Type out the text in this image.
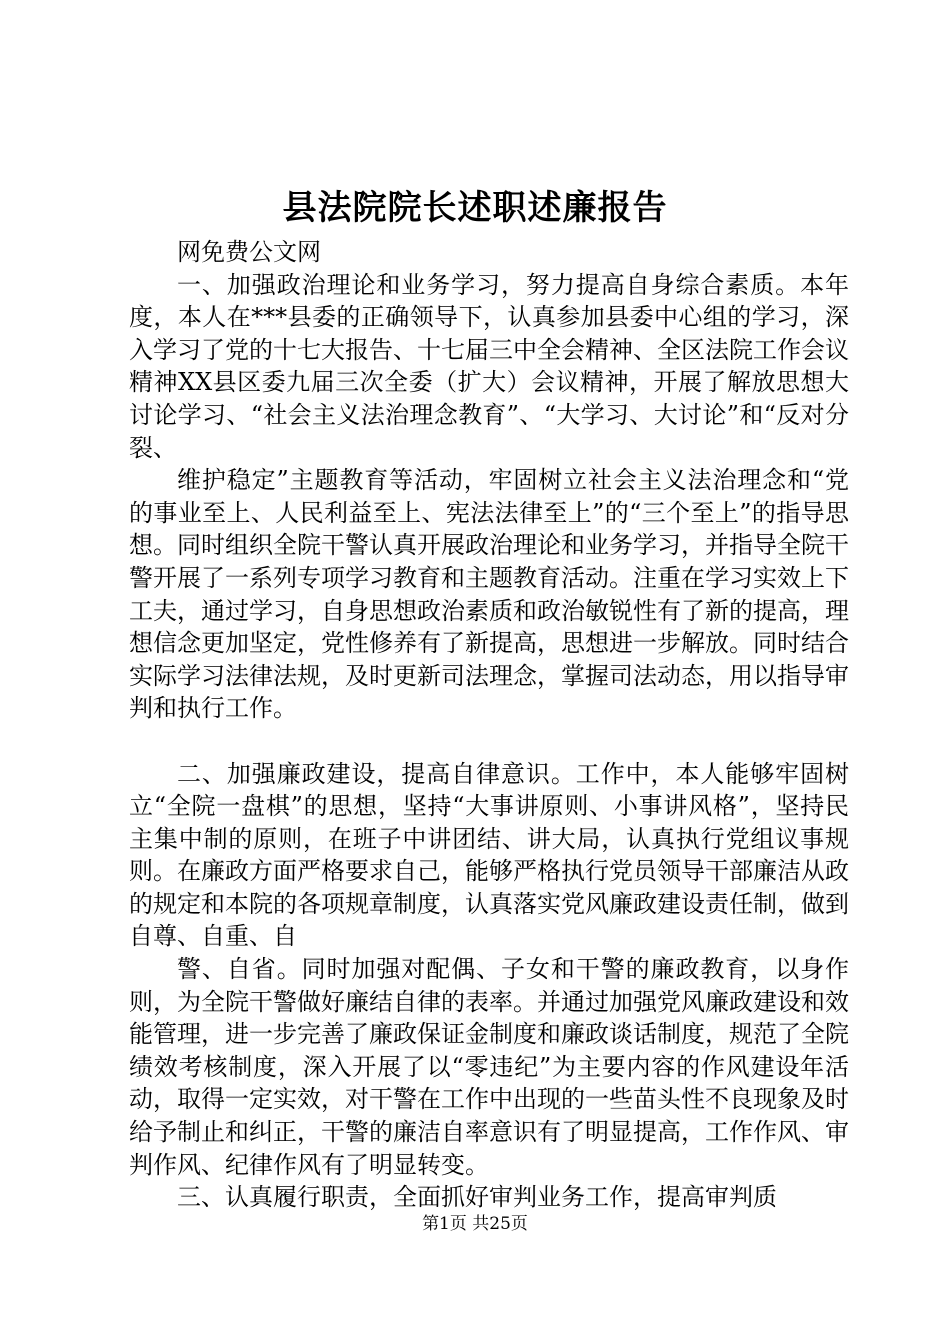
县法院院长述职述廉报告

网免费公文网

一、加强政治理论和业务学习，努力提高自身综合素质。本年度，本人在***县委的正确领导下，认真参加县委中心组的学习，深入学习了党的十七大报告、十七届三中全会精神、全区法院工作会议精神XX县区委九届三次全委（扩大）会议精神，开展了解放思想大讨论学习、“社会主义法治理念教育”、“大学习、大讨论”和“反对分裂、

维护稳定”主题教育等活动，牢固树立社会主义法治理念和“党的事业至上、人民利益至上、宪法法律至上”的“三个至上”的指导思想。同时组织全院干警认真开展政治理论和业务学习，并指导全院干警开展了一系列专项学习教育和主题教育活动。注重在学习实效上下工夫，通过学习，自身思想政治素质和政治敏锐性有了新的提高，理想信念更加坚定，党性修养有了新提高，思想进一步解放。同时结合实际学习法律法规，及时更新司法理念，掌握司法动态，用以指导审判和执行工作。

二、加强廉政建设，提高自律意识。工作中，本人能够牢固树立“全院一盘棋”的思想，坚持“大事讲原则、小事讲风格”，坚持民主集中制的原则，在班子中讲团结、讲大局，认真执行党组议事规则。在廉政方面严格要求自己，能够严格执行党员领导干部廉洁从政的规定和本院的各项规章制度，认真落实党风廉政建设责任制，做到自尊、自重、自

警、自省。同时加强对配偶、子女和干警的廉政教育，以身作则，为全院干警做好廉结自律的表率。并通过加强党风廉政建设和效能管理，进一步完善了廉政保证金制度和廉政谈话制度，规范了全院绩效考核制度，深入开展了以“零违纪”为主要内容的作风建设年活动，取得一定实效，对干警在工作中出现的一些苗头性不良现象及时给予制止和纠正，干警的廉洁自率意识有了明显提高，工作作风、审判作风、纪律作风有了明显转变。

三、认真履行职责，全面抓好审判业务工作，提高审判质

第1页 共25页
